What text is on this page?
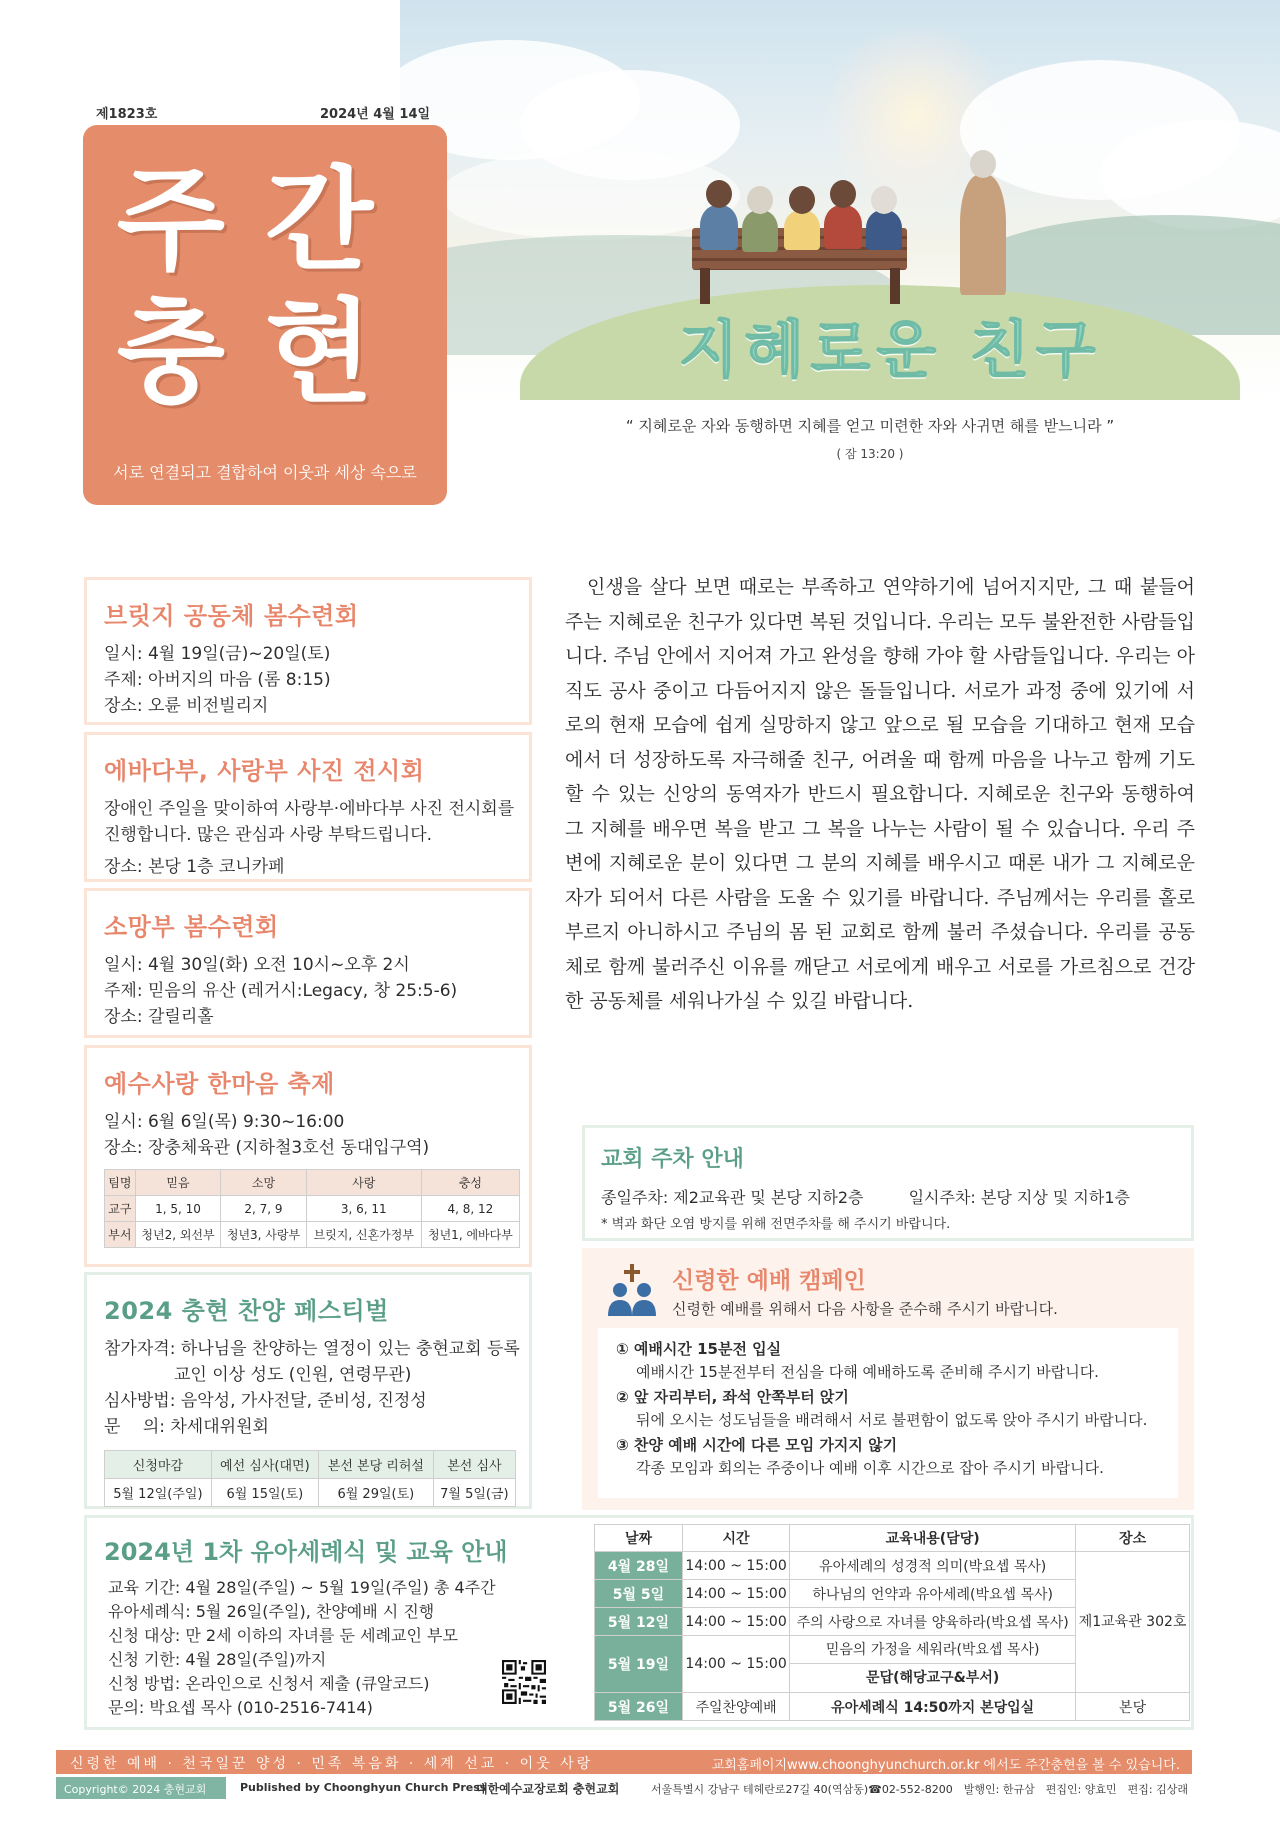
제1823호	2024년 4월 14일
주간
충현
서로 연결되고 결합하여 이웃과 세상 속으로
지혜로운 친구
“ 지혜로운 자와 동행하면 지혜를 얻고 미련한 자와 사귀면 해를 받느니라 ”
( 잠 13:20 )
브릿지 공동체 봄수련회

일시: 4월 19일(금)~20일(토)

주제: 아버지의 마음 (롬 8:15)

장소: 오륜 비전빌리지

에바다부, 사랑부 사진 전시회

장애인 주일을 맞이하여 사랑부·에바다부 사진 전시회를 진행합니다. 많은 관심과 사랑 부탁드립니다.

장소: 본당 1층 코니카페

소망부 봄수련회

일시: 4월 30일(화) 오전 10시~오후 2시

주제: 믿음의 유산 (레거시:Legacy, 창 25:5-6)

장소: 갈릴리홀

예수사랑 한마음 축제

일시: 6월 6일(목) 9:30~16:00

장소: 장충체육관 (지하철3호선 동대입구역)

팀명	믿음	소망	사랑	충성
교구	1, 5, 10	2, 7, 9	3, 6, 11	4, 8, 12
부서	청년2, 외선부	청년3, 사랑부	브릿지, 신혼가정부	청년1, 에바다부
2024 충현 찬양 페스티벌

참가자격: 하나님을 찬양하는 열정이 있는 충현교회 등록

교인 이상 성도 (인원, 연령무관)

심사방법: 음악성, 가사전달, 준비성, 진정성

문　 의: 차세대위원회

신청마감	예선 심사(대면)	본선 본당 리허설	본선 심사
5월 12일(주일)	6월 15일(토)	6월 29일(토)	7월 5일(금)
인생을 살다 보면 때로는 부족하고 연약하기에 넘어지지만, 그 때 붙들어주는 지혜로운 친구가 있다면 복된 것입니다. 우리는 모두 불완전한 사람들입니다. 주님 안에서 지어져 가고 완성을 향해 가야 할 사람들입니다. 우리는 아직도 공사 중이고 다듬어지지 않은 돌들입니다. 서로가 과정 중에 있기에 서로의 현재 모습에 쉽게 실망하지 않고 앞으로 될 모습을 기대하고 현재 모습에서 더 성장하도록 자극해줄 친구, 어려울 때 함께 마음을 나누고 함께 기도할 수 있는 신앙의 동역자가 반드시 필요합니다. 지혜로운 친구와 동행하여 그 지혜를 배우면 복을 받고 그 복을 나누는 사람이 될 수 있습니다. 우리 주변에 지혜로운 분이 있다면 그 분의 지혜를 배우시고 때론 내가 그 지혜로운 자가 되어서 다른 사람을 도울 수 있기를 바랍니다. 주님께서는 우리를 홀로 부르지 아니하시고 주님의 몸 된 교회로 함께 불러 주셨습니다. 우리를 공동체로 함께 불러주신 이유를 깨닫고 서로에게 배우고 서로를 가르침으로 건강한 공동체를 세워나가실 수 있길 바랍니다.
교회 주차 안내
종일주차: 제2교육관 및 본당 지하2층	일시주차: 본당 지상 및 지하1층
* 벽과 화단 오염 방지를 위해 전면주차를 해 주시기 바랍니다.
신령한 예배 캠페인
신령한 예배를 위해서 다음 사항을 준수해 주시기 바랍니다.
① 예배시간 15분전 입실
예배시간 15분전부터 전심을 다해 예배하도록 준비해 주시기 바랍니다.
② 앞 자리부터, 좌석 안쪽부터 앉기
뒤에 오시는 성도님들을 배려해서 서로 불편함이 없도록 앉아 주시기 바랍니다.
③ 찬양 예배 시간에 다른 모임 가지지 않기
각종 모임과 회의는 주중이나 예배 이후 시간으로 잡아 주시기 바랍니다.
2024년 1차 유아세례식 및 교육 안내
교육 기간: 4월 28일(주일) ~ 5월 19일(주일) 총 4주간
유아세례식: 5월 26일(주일), 찬양예배 시 진행
신청 대상: 만 2세 이하의 자녀를 둔 세례교인 부모
신청 기한: 4월 28일(주일)까지
신청 방법: 온라인으로 신청서 제출 (큐알코드)
문의: 박요셉 목사 (010-2516-7414)
날짜	시간	교육내용(담당)	장소
4월 28일	14:00 ~ 15:00	유아세례의 성경적 의미(박요셉 목사)	제1교육관 302호
5월 5일	14:00 ~ 15:00	하나님의 언약과 유아세례(박요셉 목사)	
5월 12일	14:00 ~ 15:00	주의 사랑으로 자녀를 양육하라(박요셉 목사)	
5월 19일	14:00 ~ 15:00	믿음의 가정을 세워라(박요셉 목사)
문답(해당교구&부서)	

5월 26일	주일찬양예배	유아세례식 14:50까지 본당입실	본당
신령한 예배 · 천국일꾼 양성 · 민족 복음화 · 세계 선교 · 이웃 사랑	교회홈페이지www.choonghyunchurch.or.kr 에서도 주간충현을 볼 수 있습니다.
Copyright© 2024 충현교회	Published by Choonghyun Church Press
대한예수교장로회 충현교회	서울특별시 강남구 테헤란로27길 40(역삼동)☎02-552-8200　발행인: 한규삼　편집인: 양효민　편집: 김상래
